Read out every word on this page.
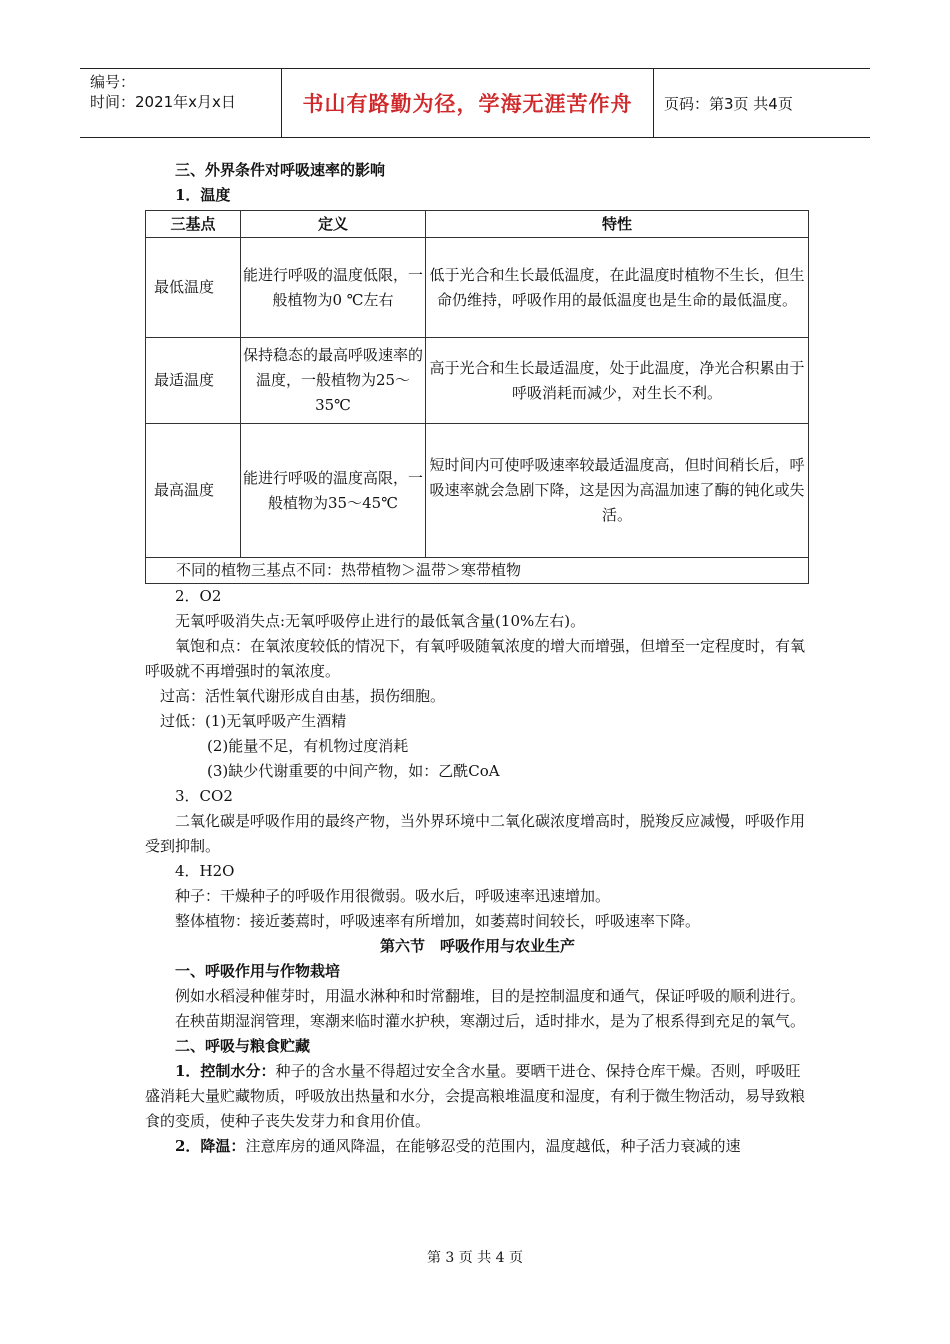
编号：
时间：2021年x月x日	书山有路勤为径，学海无涯苦作舟	页码：第3页 共4页

三、外界条件对呼吸速率的影响

1．温度

三基点	定义	特性
最低温度	能进行呼吸的温度低限，一般植物为0 ℃左右	低于光合和生长最低温度，在此温度时植物不生长，但生命仍维持，呼吸作用的最低温度也是生命的最低温度。
最适温度	保持稳态的最高呼吸速率的温度，一般植物为25～35℃	高于光合和生长最适温度，处于此温度，净光合积累由于呼吸消耗而减少，对生长不利。
最高温度	能进行呼吸的温度高限，一般植物为35～45℃	短时间内可使呼吸速率较最适温度高，但时间稍长后，呼吸速率就会急剧下降，这是因为高温加速了酶的钝化或失活。
不同的植物三基点不同：热带植物＞温带＞寒带植物		

2．O2

无氧呼吸消失点:无氧呼吸停止进行的最低氧含量(10%左右)。

氧饱和点：在氧浓度较低的情况下，有氧呼吸随氧浓度的增大而增强，但增至一定程度时，有氧呼吸就不再增强时的氧浓度。

过高：活性氧代谢形成自由基，损伤细胞。

过低：(1)无氧呼吸产生酒精

(2)能量不足，有机物过度消耗

(3)缺少代谢重要的中间产物，如：乙酰CoA

3．CO2

二氧化碳是呼吸作用的最终产物，当外界环境中二氧化碳浓度增高时，脱羧反应减慢，呼吸作用受到抑制。

4．H2O

种子：干燥种子的呼吸作用很微弱。吸水后，呼吸速率迅速增加。

整体植物：接近萎蔫时，呼吸速率有所增加，如萎蔫时间较长，呼吸速率下降。

第六节　呼吸作用与农业生产

一、呼吸作用与作物栽培

例如水稻浸种催芽时，用温水淋种和时常翻堆，目的是控制温度和通气，保证呼吸的顺利进行。

在秧苗期湿润管理，寒潮来临时灌水护秧，寒潮过后，适时排水，是为了根系得到充足的氧气。

二、呼吸与粮食贮藏

1．控制水分：种子的含水量不得超过安全含水量。要晒干进仓、保持仓库干燥。否则，呼吸旺盛消耗大量贮藏物质，呼吸放出热量和水分，会提高粮堆温度和湿度，有利于微生物活动，易导致粮食的变质，使种子丧失发芽力和食用价值。

2．降温：注意库房的通风降温，在能够忍受的范围内，温度越低，种子活力衰减的速

第 3 页 共 4 页
